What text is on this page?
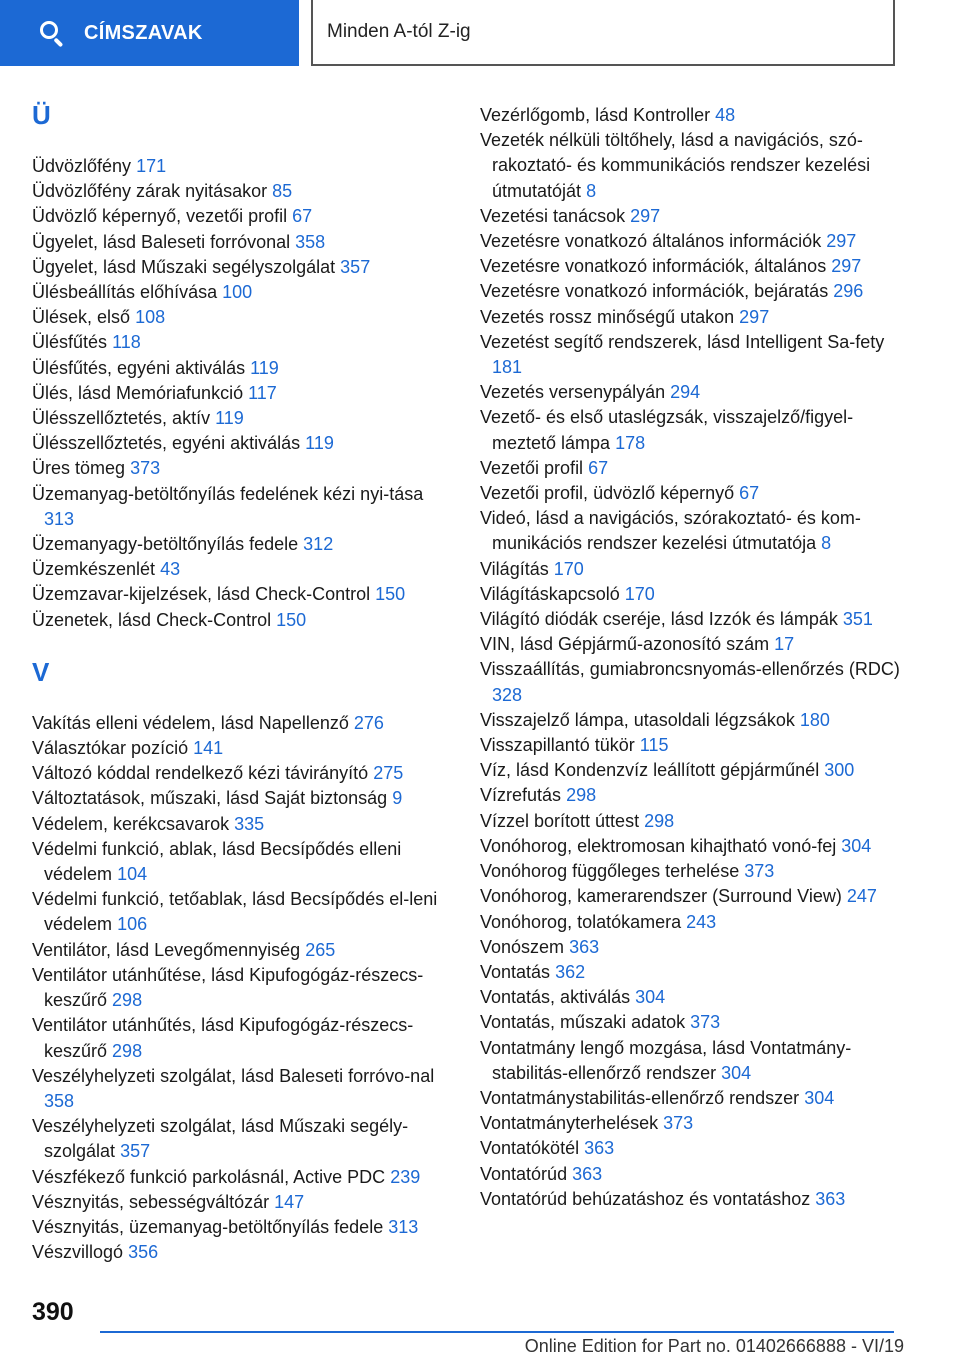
CÍMSZAVAK	Minden A-tól Z-ig
Ü
Üdvözlőfény 171
Üdvözlőfény zárak nyitásakor 85
Üdvözlő képernyő, vezetői profil 67
Ügyelet, lásd Baleseti forróvonal 358
Ügyelet, lásd Műszaki segélyszolgálat 357
Ülésbeállítás előhívása 100
Ülések, első 108
Ülésfűtés 118
Ülésfűtés, egyéni aktiválás 119
Ülés, lásd Memóriafunkció 117
Ülésszellőztetés, aktív 119
Ülésszellőztetés, egyéni aktiválás 119
Üres tömeg 373
Üzemanyag-betöltőnyílás fedelének kézi nyi-tása 313
Üzemanyagy-betöltőnyílás fedele 312
Üzemkészenlét 43
Üzemzavar-kijelzések, lásd Check-Control 150
Üzenetek, lásd Check-Control 150
V
Vakítás elleni védelem, lásd Napellenző 276
Választókar pozíció 141
Változó kóddal rendelkező kézi távirányító 275
Változtatások, műszaki, lásd Saját biztonság 9
Védelem, kerékcsavarok 335
Védelmi funkció, ablak, lásd Becsípődés elleni védelem 104
Védelmi funkció, tetőablak, lásd Becsípődés el-leni védelem 106
Ventilátor, lásd Levegőmennyiség 265
Ventilátor utánhűtése, lásd Kipufogógáz-részecs-keszűrő 298
Ventilátor utánhűtés, lásd Kipufogógáz-részecs-keszűrő 298
Veszélyhelyzeti szolgálat, lásd Baleseti forróvo-nal 358
Veszélyhelyzeti szolgálat, lásd Műszaki segély-szolgálat 357
Vészfékező funkció parkolásnál, Active PDC 239
Vésznyitás, sebességváltózár 147
Vésznyitás, üzemanyag-betöltőnyílás fedele 313
Vészvillogó 356
Vezérlőgomb, lásd Kontroller 48
Vezeték nélküli töltőhely, lásd a navigációs, szó-rakoztató- és kommunikációs rendszer kezelési útmutatóját 8
Vezetési tanácsok 297
Vezetésre vonatkozó általános információk 297
Vezetésre vonatkozó információk, általános 297
Vezetésre vonatkozó információk, bejáratás 296
Vezetés rossz minőségű utakon 297
Vezetést segítő rendszerek, lásd Intelligent Sa-fety 181
Vezetés versenypályán 294
Vezető- és első utaslégzsák, visszajelző/figyel-meztető lámpa 178
Vezetői profil 67
Vezetői profil, üdvözlő képernyő 67
Videó, lásd a navigációs, szórakoztató- és kom-munikációs rendszer kezelési útmutatója 8
Világítás 170
Világításkapcsoló 170
Világító diódák cseréje, lásd Izzók és lámpák 351
VIN, lásd Gépjármű-azonosító szám 17
Visszaállítás, gumiabroncsnyomás-ellenőrzés (RDC) 328
Visszajelző lámpa, utasoldali légzsákok 180
Visszapillantó tükör 115
Víz, lásd Kondenzvíz leállított gépjárműnél 300
Vízrefutás 298
Vízzel borított úttest 298
Vonóhorog, elektromosan kihajtható vonó-fej 304
Vonóhorog függőleges terhelése 373
Vonóhorog, kamerarendszer (Surround View) 247
Vonóhorog, tolatókamera 243
Vonószem 363
Vontatás 362
Vontatás, aktiválás 304
Vontatás, műszaki adatok 373
Vontatmány lengő mozgása, lásd Vontatmány-stabilitás-ellenőrző rendszer 304
Vontatmánystabilitás-ellenőrző rendszer 304
Vontatmányterhelések 373
Vontatókötél 363
Vontatórúd 363
Vontatórúd behúzatáshoz és vontatáshoz 363
390
Online Edition for Part no. 01402666888 - VI/19
